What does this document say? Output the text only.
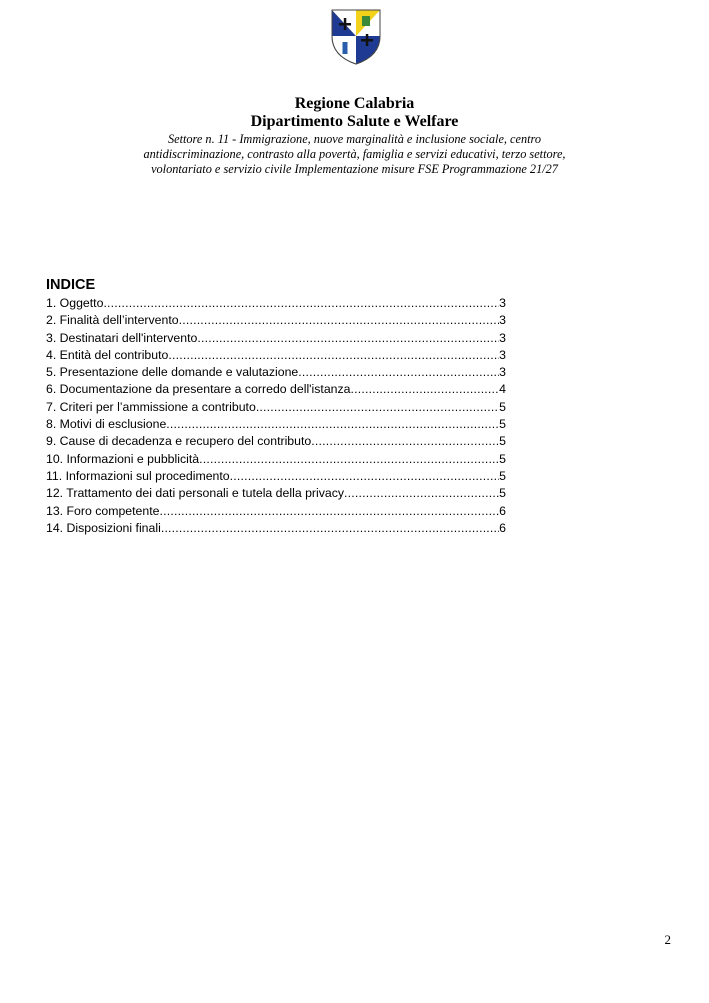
Regione Calabria
Dipartimento Salute e Welfare
Settore n. 11 - Immigrazione, nuove marginalità e inclusione sociale, centro
antidiscriminazione, contrasto alla povertà, famiglia e servizi educativi, terzo settore,
volontariato e servizio civile Implementazione misure FSE Programmazione 21/27
INDICE
1. Oggetto .....	3
2. Finalità dell’intervento .....	3
3. Destinatari dell'intervento .....	3
4. Entità del contributo .....	3
5. Presentazione delle domande e valutazione .....	3
6. Documentazione da presentare a corredo dell'istanza .....	4
7. Criteri per l’ammissione a contributo .....	5
8. Motivi di esclusione .....	5
9. Cause di decadenza e recupero del contributo .....	5
10. Informazioni e pubblicità .....	5
11. Informazioni sul procedimento .....	5
12. Trattamento dei dati personali e tutela della privacy .....	5
13. Foro competente .....	6
14. Disposizioni finali .....	6
2
